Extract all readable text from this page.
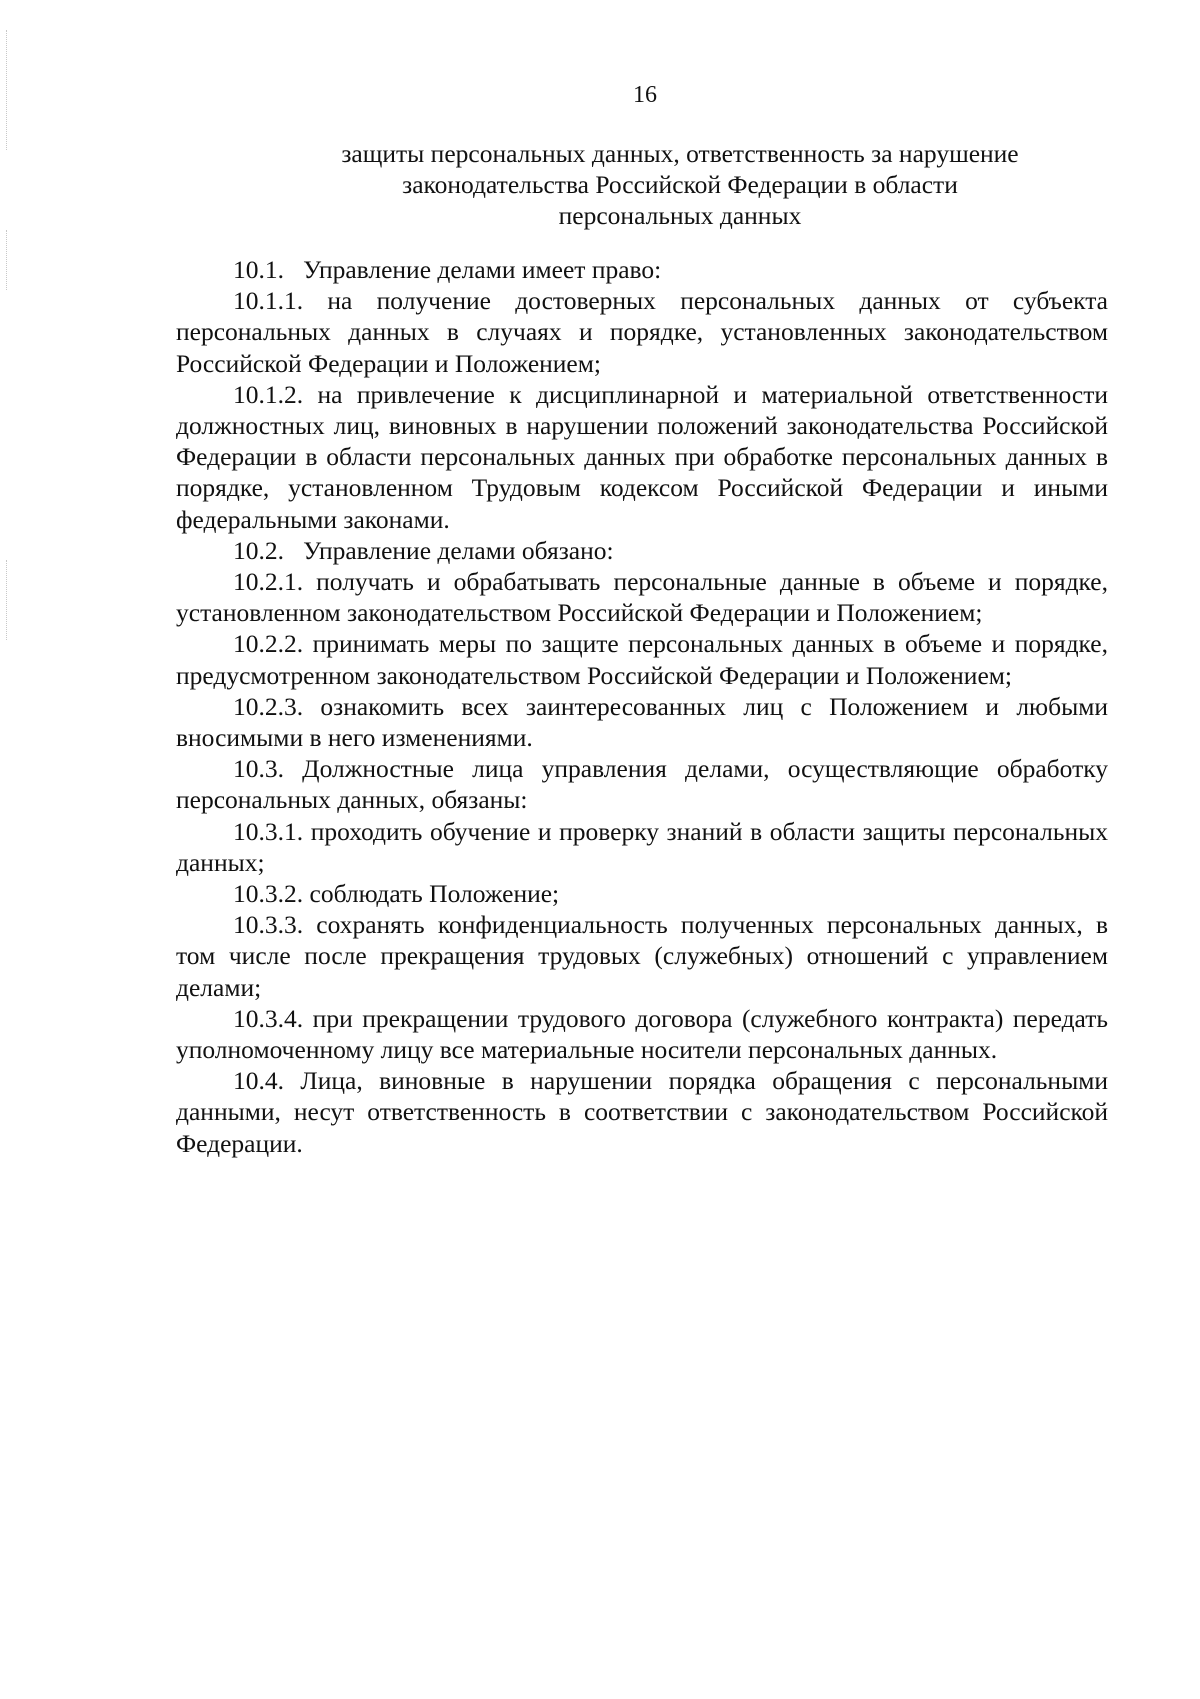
16
защиты персональных данных, ответственность за нарушение
законодательства Российской Федерации в области
персональных данных

10.1.   Управление делами имеет право:

10.1.1. на получение достоверных персональных данных от субъекта персональных данных в случаях и порядке, установленных законодательством Российской Федерации и Положением;

10.1.2. на привлечение к дисциплинарной и материальной ответственности должностных лиц, виновных в нарушении положений законодательства Российской Федерации в области персональных данных при обработке персональных данных в порядке, установленном Трудовым кодексом Российской Федерации и иными федеральными законами.

10.2.   Управление делами обязано:

10.2.1. получать и обрабатывать персональные данные в объеме и порядке, установленном законодательством Российской Федерации и Положением;

10.2.2. принимать меры по защите персональных данных в объеме и порядке, предусмотренном законодательством Российской Федерации и Положением;

10.2.3. ознакомить всех заинтересованных лиц с Положением и любыми вносимыми в него изменениями.

10.3. Должностные лица управления делами, осуществляющие обработку персональных данных, обязаны:

10.3.1. проходить обучение и проверку знаний в области защиты персональных данных;

10.3.2. соблюдать Положение;

10.3.3. сохранять конфиденциальность полученных персональных данных, в том числе после прекращения трудовых (служебных) отношений с управлением делами;

10.3.4. при прекращении трудового договора (служебного контракта) передать уполномоченному лицу все материальные носители персональных данных.

10.4. Лица, виновные в нарушении порядка обращения с персональными данными, несут ответственность в соответствии с законодательством Российской Федерации.
